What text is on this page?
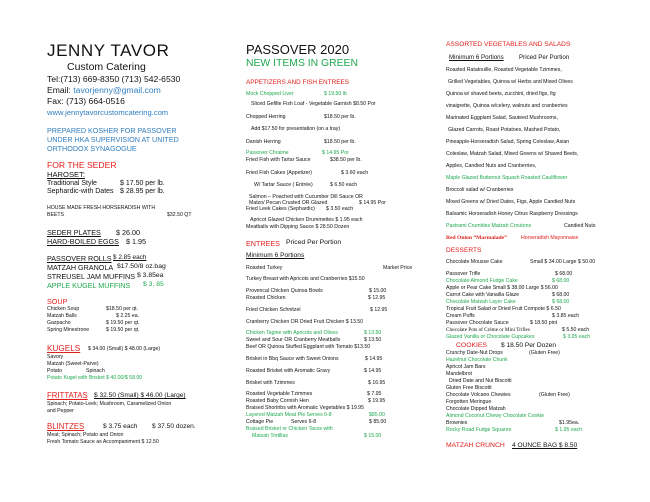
JENNY TAVOR
Custom Catering
Tel:(713) 669-8350 (713) 542-6530
Email: tavorjenny@gmail.com
Fax: (713) 664-0516
www.jennytavorcustomcatering.com
PREPARED KOSHER FOR PASSOVER
UNDER HKA SUPERVISION AT UNITED
ORTHODOX SYNAGOGUE
FOR THE SEDER
HAROSET:
Traditional Style	$ 17.50 per lb.
Sephardic-with Dates $ 28.95 per lb.
HOUSE MADE FRESH HORSERADISH WITH
BEETS	$32.50 QT
SEDER PLATES $ 26.00
HARD-BOILED EGGS $ 1.95
PASSOVER ROLLS $ 2.85 each
MATZAH GRANOLA $17.50/8 oz.bag
STREUSEL JAM MUFFINS $ 3.85ea
APPLE KUGEL MUFFINS $ 3, 85
SOUP
Chicken Soup	$18.50 per qt.
Matzah Balls	$ 2.25 ea.
Gazpacho	$ 19.50 per qt.
Spring Minestrone	$ 19.50 per qt.
KUGELS $ 34.00 (Small) $ 48.00 (Large)
Savory
Matzah (Sweet-Parve)
Potato	Spinach
Potato Kugel with Brisket $ 40.00/$ 58.00
FRITTATAS $ 32.50 (Small) $ 46.00 (Large)
Spinach; Potato-Leek; Mushroom, Caramelized Onion
and Pepper
BLINTZES	$ 3.75 each $ 37.50 dozen.
Meat; Spinach; Potato and Onion
Fresh Tomato Sauce as Accompaniment $ 12.50
PASSOVER 2020
NEW ITEMS IN GREEN
APPETIZERS AND FISH ENTREES
Mock Chopped Liver	$ 19.50 lb
Sliced Gefilte Fish Loaf - Vegetable Garnish $8.50 Por
Chopped Herring	$18.50 per lb.
Add $17.50 for presentation (on a tray)
Danish Herring	$18.50 per lb.
Passover Chraime	$ 14.95 Por
Fried Fish with Tartar Sauce	$38.50 per lb.
Fried Fish Cakes (Appetizer)	$ 3.60 each
W/ Tartar Sauce ( Entrée)	$ 6.50 each
Salmon – Poached with Cucumber Dill Sauce OR
Matzo/ Pecan Crusted OR Glazed	$ 14.95 Por
Fried Leek Cakes (Sephardic) $ 3.50 each
Apricot Glazed Chicken Drummettes $ 1.95 each
Meatballs with Dipping Sauce $ 28.50 Dozen
ENTREES Priced Per Portion
Minimum 6 Portions
Roasted Turkey	Market Price
Turkey Breast with Apricots and Cranberries $15.50
Provencal Chicken Quinoa Bowls	$ 15.00
Roasted Chicken	$ 12.95
Fried Chicken Schnitzel	$ 12.95
Cranberry Chicken OR Dried Fruit Chicken $ 13.50
Chicken Tagine with Apricots and Olives	$ 13.50
Sweet and Sour OR Cranberry Meatballs	$ 13.50
Beef OR Quinoa Stuffed Eggplant with Tomato $13.50
Brisket in Bbq Sauce with Sweet Onions	$ 14.95
Roasted Brisket with Aromatic Gravy	$ 14.95
Brisket with Tzimmes	$ 16.95
Roasted Vegetable Tzimmes	$ 7.95
Roasted Baby Cornish Hen	$ 19.95
Braised Shortribs with Aromatic Vegetables $ 19.95
Layered Matzah Meat Pie Serves 6-8	$85.00
Cottage Pie	Serves 6-8	$ 85.00
Braised Brisket or Chicken Tacos with
Matzah Tortillas	$ 15.00
ASSORTED VEGETABLES AND SALADS
Minimum 6 Portions Priced Per Portion
Roasted Ratatouille, Roasted Vegetable Tzimmes,
Grilled Vegetables, Quinoa w/ Herbs and Mixed Olives
Quinoa w/ shaved beets, zucchini, dried figs, fig
vinaigrette, Quinoa w/celery, walnuts and cranberries
Marinated Eggplant Salad, Sauteed Mushrooms,
Glazed Carrots, Roast Potatoes, Mashed Potato,
Pineapple-Horseradish Salad, Spring Coleslaw, Asian
Coleslaw, Matzah Salad, Mixed Greens w/ Shaved Beets,
Apples, Candied Nuts and Cranberries,
Maple Glazed Butternut Squash Roasted Cauliflower
Broccoli salad w/ Cranberries
Mixed Greens w/ Dried Dates, Figs, Apple Candied Nuts
Balsamic Horseradish Honey Citrus Raspberry Dressings
Pastrami Crumbles Matzah Croutons	Candied Nuts
Red Onion “Marmalade”	Horseradish Mayonnaise
DESSERTS
Chocolate Mousse Cake	Small $ 34.00 Large $ 50.00
Passover Trifle	$ 68.00
Chocolate Almond Fudge Cake	$ 68.00
Apple or Pear Cake Small $ 38.00 Large $ 56.00
Carrot Cake with Vanailla Glaze	$ 68.00
Chocolate Matzah Layer Cake	$ 68.00
Tropical Fruit Salad or Dried Fruit Compote $ 6.50
Cream Puffs	$ 3.85 each
Passover Chocolate Sauce	$ 18.50 pint
Chocolate Pots of Crème or Mini Trifles	$ 5.50 each
Glazed Vanilla or Chocolate Cupcakes	$ 3.95 each
COOKIES $ 18.50 Per Dozen
Crunchy Date-Nut Drops	(Gluten Free)
Hazelnut Chocolate Chunk
Apricot Jam Bars
Mandelbrot
Dried Date and Nut Biscotti
Gluten Free Biscotti
Chocolate Volcano Chewies	(Gluten Free)
Forgotten Meringue
Chocolate Dipped Matzah
Almond Coconut Chewy Chocolate Cookie
Brownies	$1.95ea.
Rocky Road Fudge Squares	$ 1.95 each
MATZAH CRUNCH 4 OUNCE BAG $ 8.50
